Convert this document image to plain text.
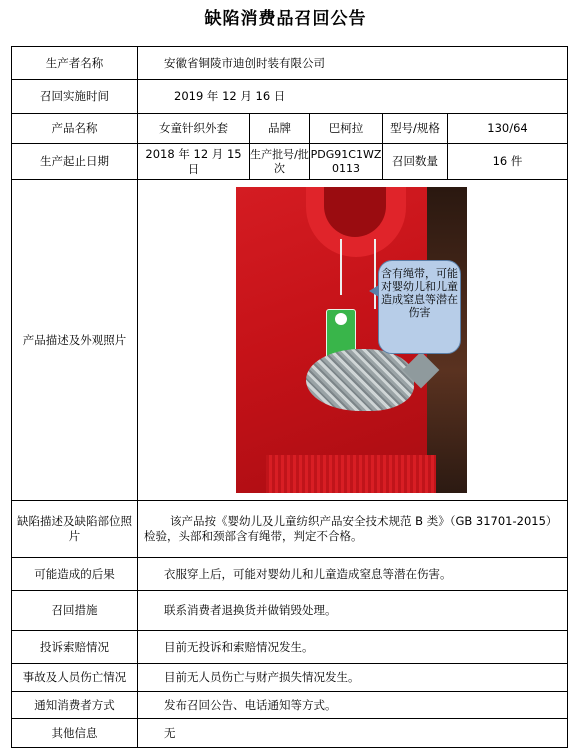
缺陷消费品召回公告
生产者名称	安徽省铜陵市迪创时装有限公司				
召回实施时间	2019 年 12 月 16 日				
产品名称	女童针织外套	品牌	巴柯拉	型号/规格	130/64
生产起止日期	2018 年 12 月 15 日	生产批号/批次	PDG91C1WZ0113	召回数量	16 件
产品描述及外观照片	含有绳带，可能对婴幼儿和儿童造成窒息等潜在伤害				

缺陷描述及缺陷部位照片	该产品按《婴幼儿及儿童纺织产品安全技术规范 B 类》（GB 31701-2015）检验，头部和颈部含有绳带，判定不合格。				
可能造成的后果	衣服穿上后，可能对婴幼儿和儿童造成窒息等潜在伤害。				
召回措施	联系消费者退换货并做销毁处理。				
投诉索赔情况	目前无投诉和索赔情况发生。				
事故及人员伤亡情况	目前无人员伤亡与财产损失情况发生。				
通知消费者方式	发布召回公告、电话通知等方式。				
其他信息	无				
